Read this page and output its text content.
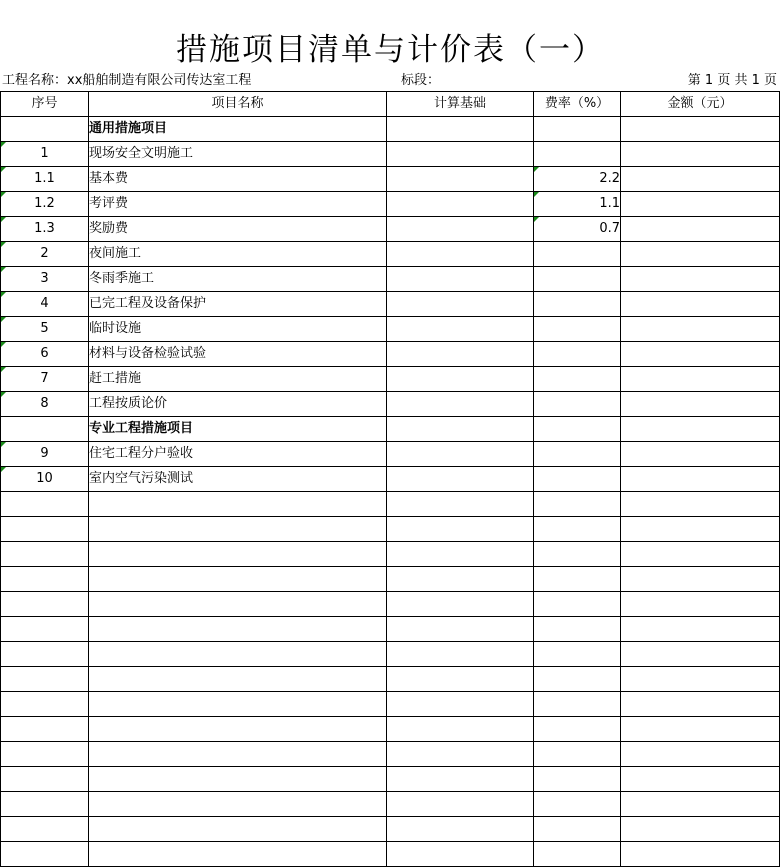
措施项目清单与计价表（一）
工程名称：xx船舶制造有限公司传达室工程	标段：	第 1 页 共 1 页
序号	项目名称	计算基础	费率（%）	金额（元）
	通用措施项目			
1	现场安全文明施工			
1.1	基本费		2.2

1.2	考评费		1.1

1.3	奖励费		0.7

2	夜间施工			
3	冬雨季施工			
4	已完工程及设备保护			
5	临时设施			
6	材料与设备检验试验			
7	赶工措施			
8	工程按质论价			
	专业工程措施项目			
9	住宅工程分户验收			
10	室内空气污染测试			
